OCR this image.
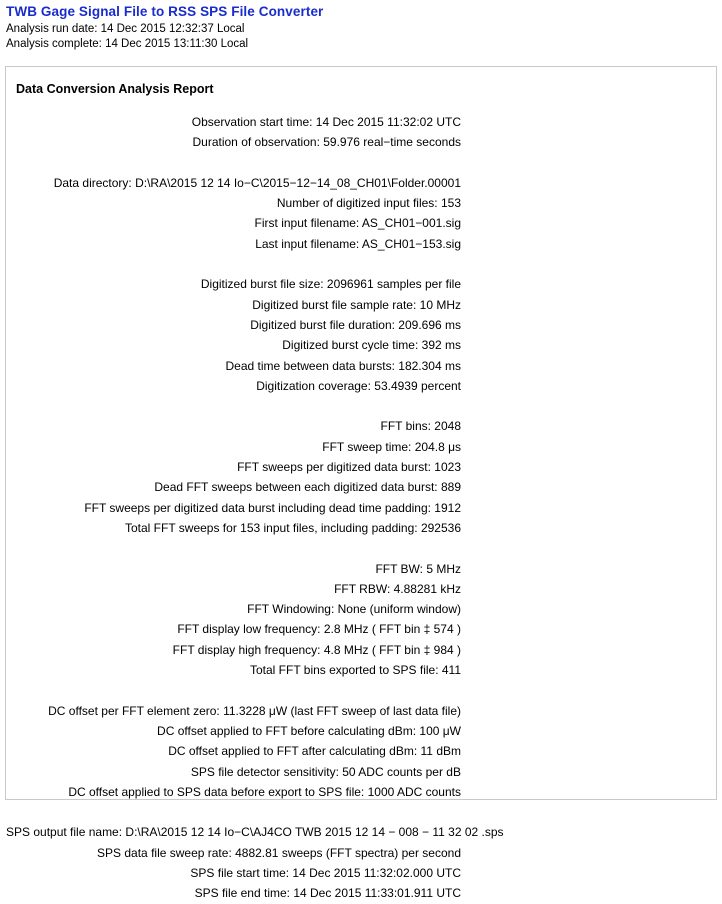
TWB Gage Signal File to RSS SPS File Converter
Analysis run date: 14 Dec 2015 12:32:37 Local
Analysis complete: 14 Dec 2015 13:11:30 Local
Data Conversion Analysis Report
Observation start time: 14 Dec 2015 11:32:02 UTC
Duration of observation: 59.976 real−time seconds
Data directory: D:\RA\2015 12 14 Io−C\2015−12−14_08_CH01\Folder.00001
Number of digitized input files: 153
First input filename: AS_CH01−001.sig
Last input filename: AS_CH01−153.sig
Digitized burst file size: 2096961 samples per file
Digitized burst file sample rate: 10 MHz
Digitized burst file duration: 209.696 ms
Digitized burst cycle time: 392 ms
Dead time between data bursts: 182.304 ms
Digitization coverage: 53.4939 percent
FFT bins: 2048
FFT sweep time: 204.8 μs
FFT sweeps per digitized data burst: 1023
Dead FFT sweeps between each digitized data burst: 889
FFT sweeps per digitized data burst including dead time padding: 1912
Total FFT sweeps for 153 input files, including padding: 292536
FFT BW: 5 MHz
FFT RBW: 4.88281 kHz
FFT Windowing: None (uniform window)
FFT display low frequency: 2.8 MHz ( FFT bin ‡ 574 )
FFT display high frequency: 4.8 MHz ( FFT bin ‡ 984 )
Total FFT bins exported to SPS file: 411
DC offset per FFT element zero: 11.3228 μW (last FFT sweep of last data file)
DC offset applied to FFT before calculating dBm: 100 μW
DC offset applied to FFT after calculating dBm: 11 dBm
SPS file detector sensitivity: 50 ADC counts per dB
DC offset applied to SPS data before export to SPS file: 1000 ADC counts
SPS output file name: D:\RA\2015 12 14 Io−C\AJ4CO TWB 2015 12 14 − 008 − 11 32 02 .sps
SPS data file sweep rate: 4882.81 sweeps (FFT spectra) per second
SPS file start time: 14 Dec 2015 11:32:02.000 UTC
SPS file end time: 14 Dec 2015 11:33:01.911 UTC
